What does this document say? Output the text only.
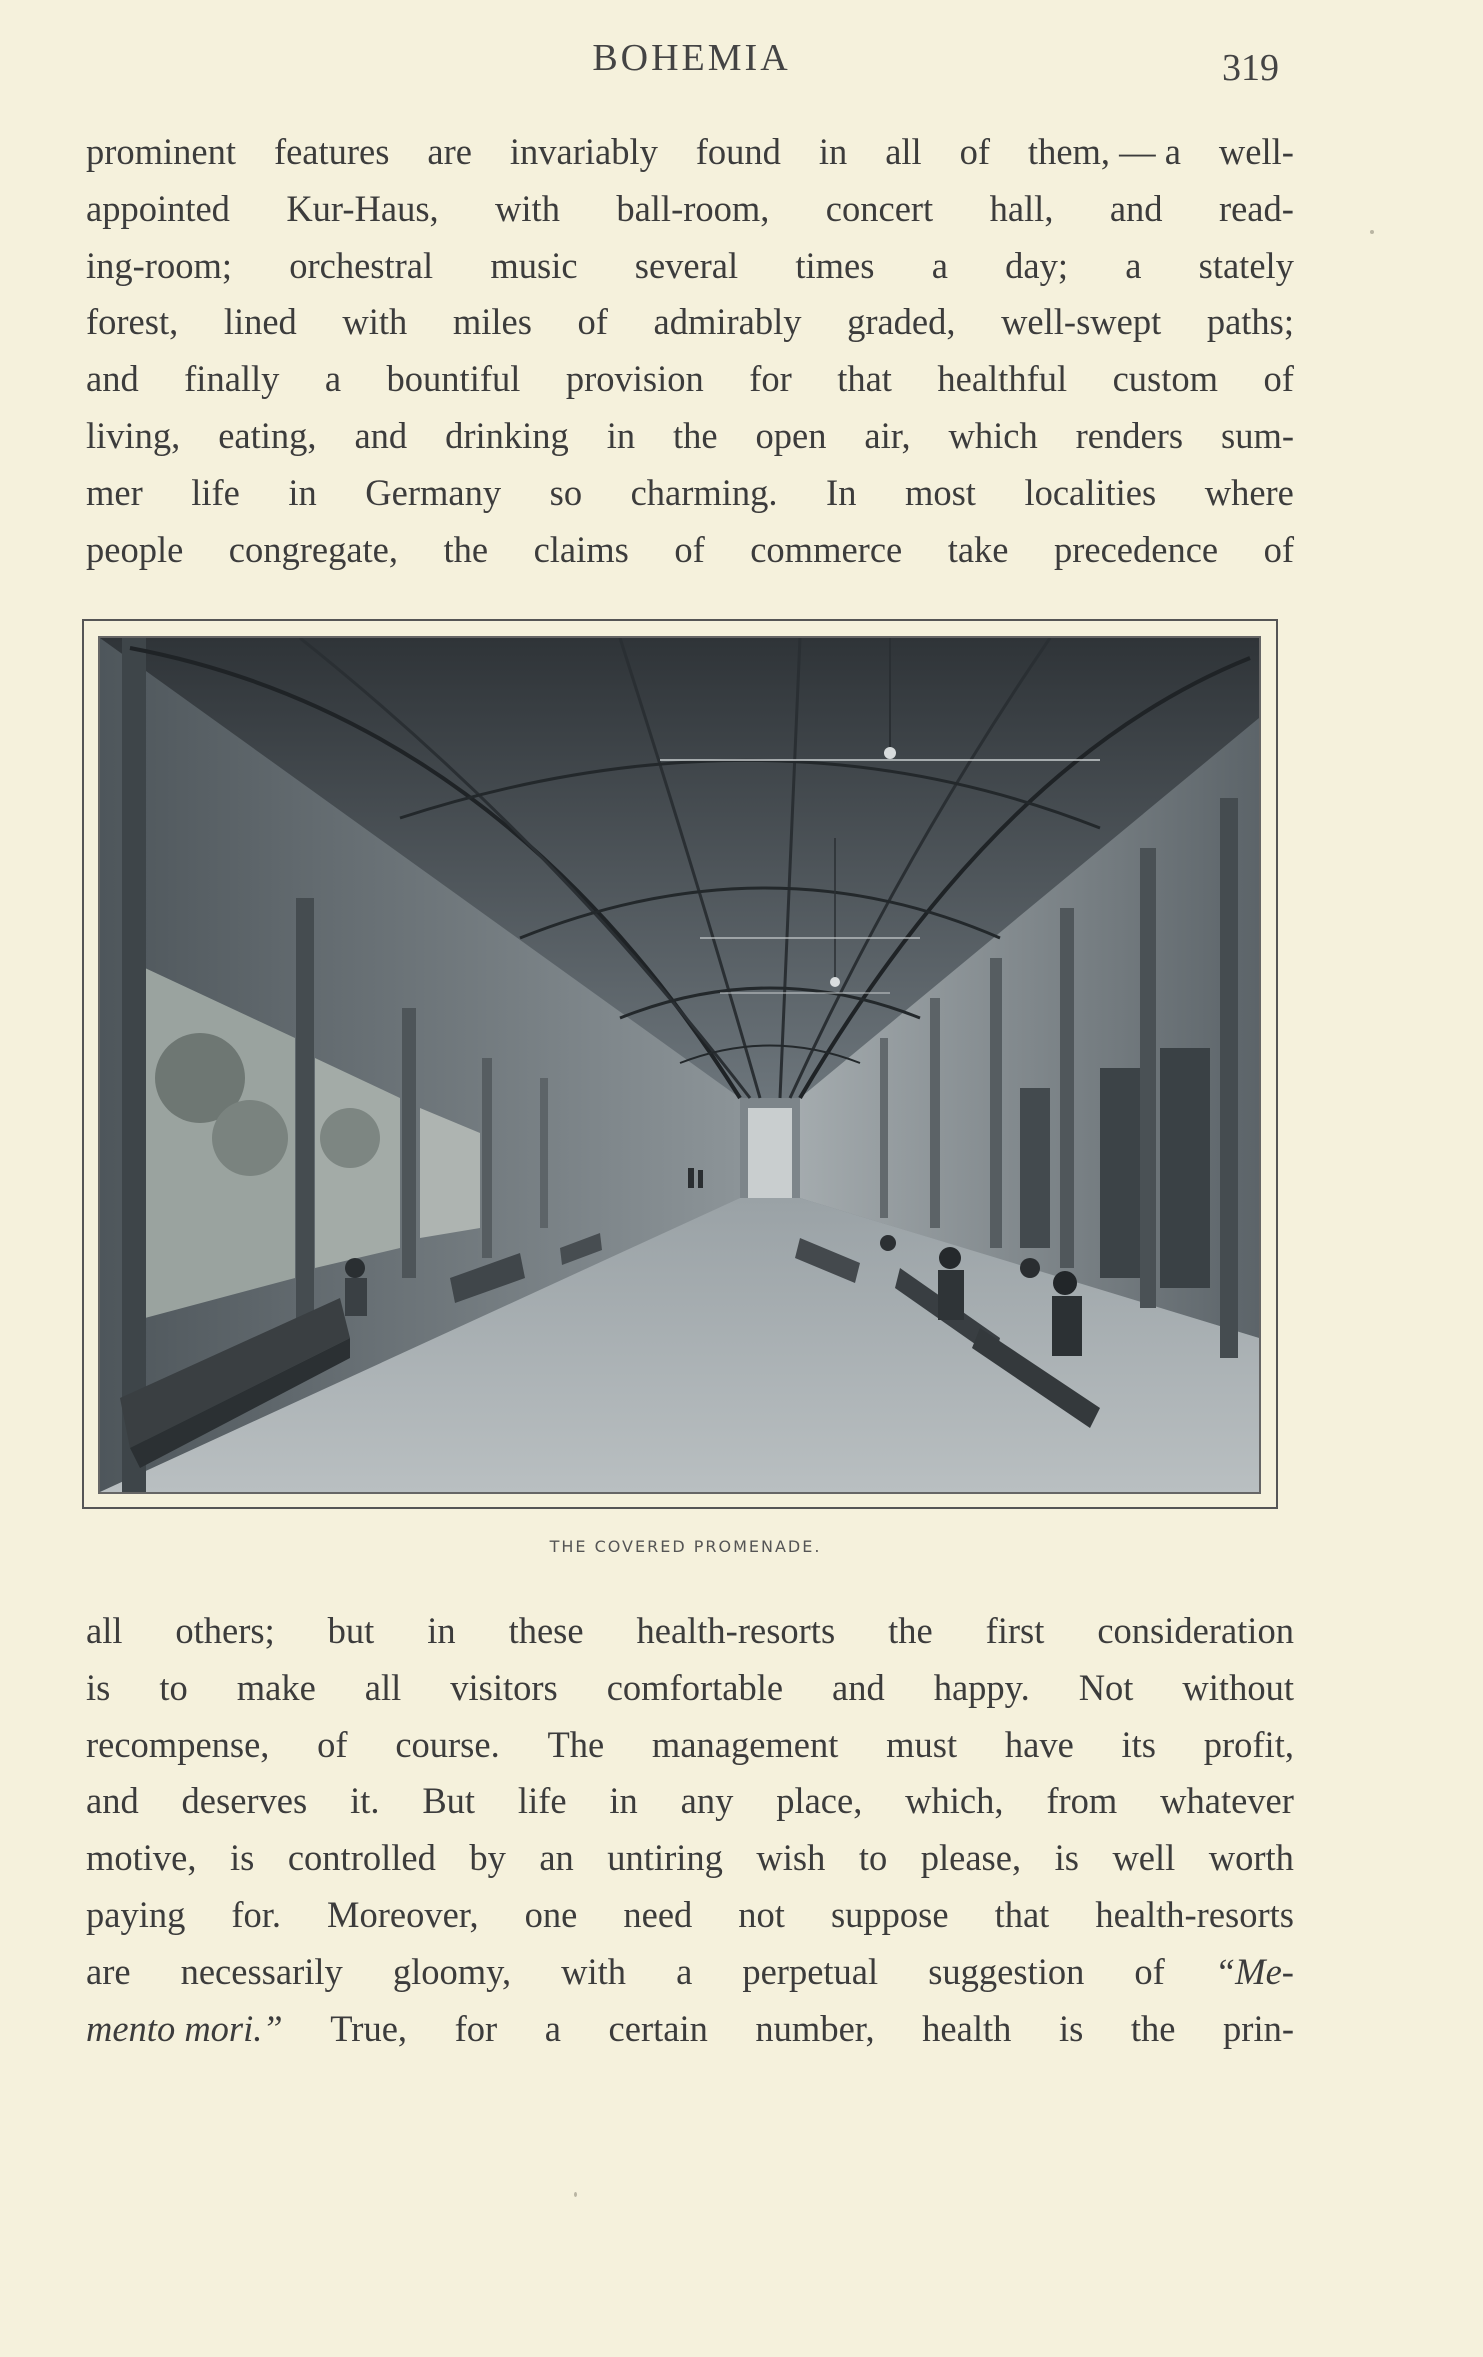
BOHEMIA	319
prominent features are invariably found in all of them, — a well-
appointed Kur-Haus, with ball-room, concert hall, and read-
ing-room; orchestral music several times a day; a stately
forest, lined with miles of admirably graded, well-swept paths;
and finally a bountiful provision for that healthful custom of
living, eating, and drinking in the open air, which renders sum-
mer life in Germany so charming. In most localities where
people congregate, the claims of commerce take precedence of
THE COVERED PROMENADE.
all others; but in these health-resorts the first consideration
is to make all visitors comfortable and happy. Not without
recompense, of course. The management must have its profit,
and deserves it. But life in any place, which, from whatever
motive, is controlled by an untiring wish to please, is well worth
paying for. Moreover, one need not suppose that health-resorts
are necessarily gloomy, with a perpetual suggestion of “Me-
mento mori.” True, for a certain number, health is the prin-
